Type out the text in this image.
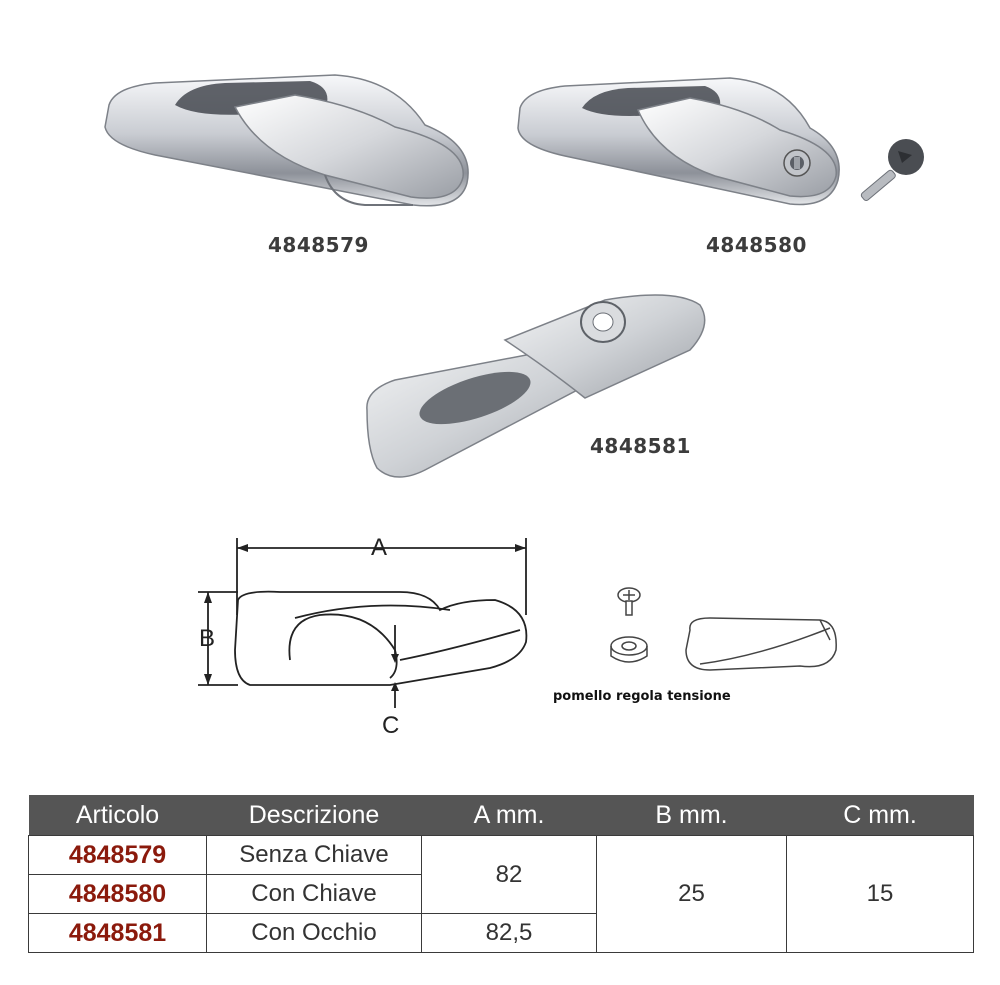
4848579	4848580
4848581
A
B
C
pomello regola tensione
Articolo	Descrizione	A mm.	B mm.	C mm.
4848579	Senza Chiave	82	25	15
4848580	Con Chiave			
4848581	Con Occhio	82,5		
